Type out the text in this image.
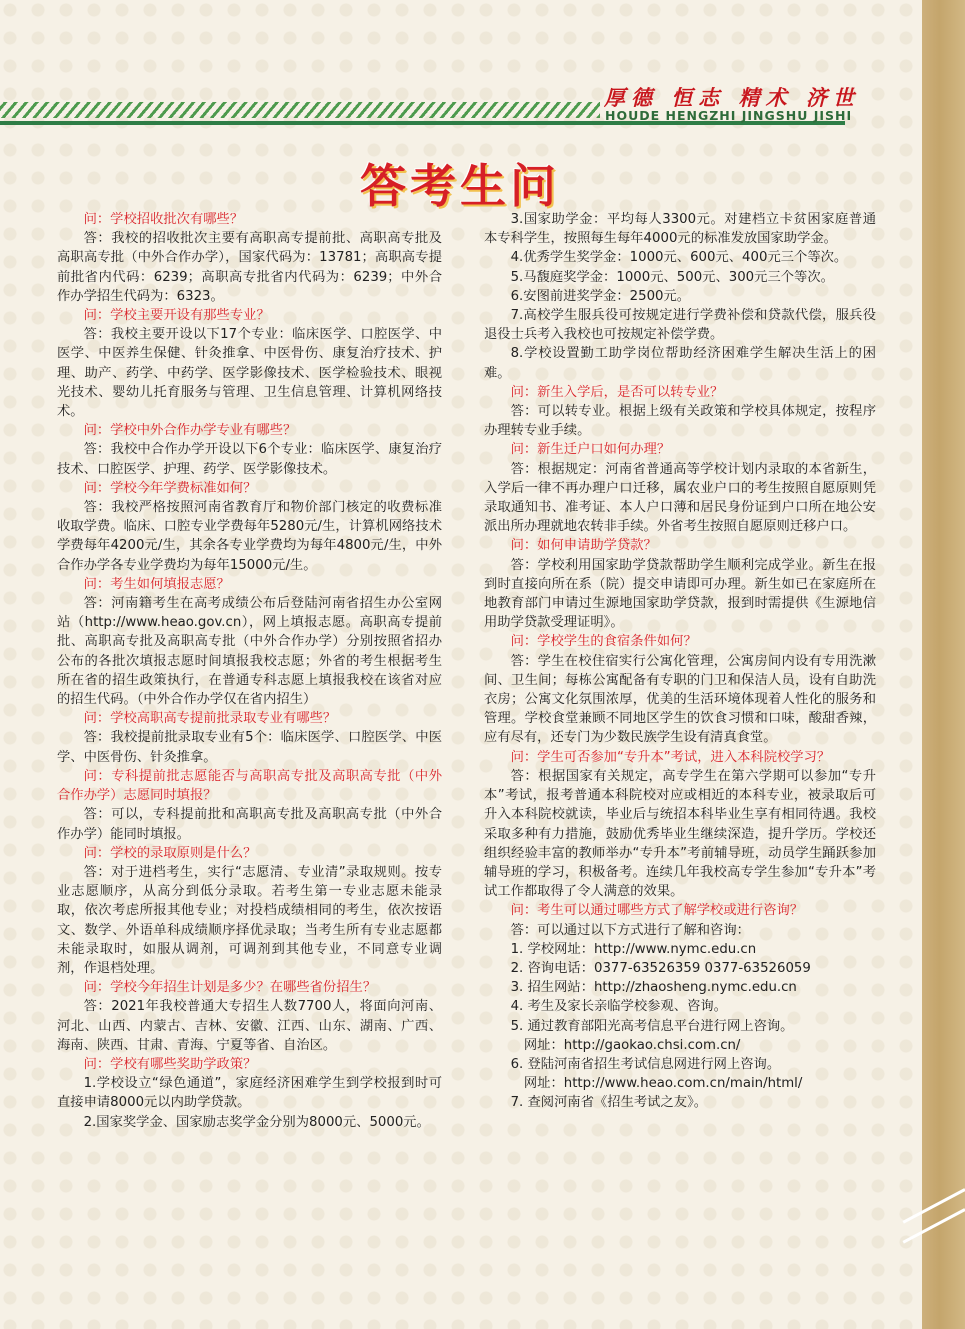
厚德 恒志 精术 济世
HOUDE HENGZHI JINGSHU JISHI
答考生问

问：学校招收批次有哪些？

答：我校的招收批次主要有高职高专提前批、高职高专批及高职高专批（中外合作办学），国家代码为：13781；高职高专提前批省内代码：6239；高职高专批省内代码为：6239；中外合作办学招生代码为：6323。

问：学校主要开设有那些专业？

答：我校主要开设以下17个专业：临床医学、口腔医学、中医学、中医养生保健、针灸推拿、中医骨伤、康复治疗技术、护理、助产、药学、中药学、医学影像技术、医学检验技术、眼视光技术、婴幼儿托育服务与管理、卫生信息管理、计算机网络技术。

问：学校中外合作办学专业有哪些？

答：我校中合作办学开设以下6个专业：临床医学、康复治疗技术、口腔医学、护理、药学、医学影像技术。

问：学校今年学费标准如何？

答：我校严格按照河南省教育厅和物价部门核定的收费标准收取学费。临床、口腔专业学费每年5280元/生，计算机网络技术学费每年4200元/生，其余各专业学费均为每年4800元/生，中外合作办学各专业学费均为每年15000元/生。

问：考生如何填报志愿？

答：河南籍考生在高考成绩公布后登陆河南省招生办公室网站（http://www.heao.gov.cn），网上填报志愿。高职高专提前批、高职高专批及高职高专批（中外合作办学）分别按照省招办公布的各批次填报志愿时间填报我校志愿；外省的考生根据考生所在省的招生政策执行，在普通专科志愿上填报我校在该省对应的招生代码。（中外合作办学仅在省内招生）

问：学校高职高专提前批录取专业有哪些？

答：我校提前批录取专业有5个：临床医学、口腔医学、中医学、中医骨伤、针灸推拿。

问：专科提前批志愿能否与高职高专批及高职高专批（中外合作办学）志愿同时填报？

答：可以，专科提前批和高职高专批及高职高专批（中外合作办学）能同时填报。

问：学校的录取原则是什么？

答：对于进档考生，实行“志愿清、专业清”录取规则。按专业志愿顺序，从高分到低分录取。若考生第一专业志愿未能录取，依次考虑所报其他专业；对投档成绩相同的考生，依次按语文、数学、外语单科成绩顺序择优录取；当考生所有专业志愿都未能录取时，如服从调剂，可调剂到其他专业，不同意专业调剂，作退档处理。

问：学校今年招生计划是多少？在哪些省份招生？

答：2021年我校普通大专招生人数7700人，将面向河南、河北、山西、内蒙古、吉林、安徽、江西、山东、湖南、广西、海南、陕西、甘肃、青海、宁夏等省、自治区。

问：学校有哪些奖助学政策？

1.学校设立“绿色通道”，家庭经济困难学生到学校报到时可直接申请8000元以内助学贷款。

2.国家奖学金、国家励志奖学金分别为8000元、5000元。

3.国家助学金：平均每人3300元。对建档立卡贫困家庭普通本专科学生，按照每生每年4000元的标准发放国家助学金。

4.优秀学生奖学金：1000元、600元、400元三个等次。

5.马馥庭奖学金：1000元、500元、300元三个等次。

6.安图前进奖学金：2500元。

7.高校学生服兵役可按规定进行学费补偿和贷款代偿，服兵役退役士兵考入我校也可按规定补偿学费。

8.学校设置勤工助学岗位帮助经济困难学生解决生活上的困难。

问：新生入学后，是否可以转专业？

答：可以转专业。根据上级有关政策和学校具体规定，按程序办理转专业手续。

问：新生迁户口如何办理？

答：根据规定：河南省普通高等学校计划内录取的本省新生，入学后一律不再办理户口迁移，属农业户口的考生按照自愿原则凭录取通知书、准考证、本人户口薄和居民身份证到户口所在地公安派出所办理就地农转非手续。外省考生按照自愿原则迁移户口。

问：如何申请助学贷款？

答：学校利用国家助学贷款帮助学生顺利完成学业。新生在报到时直接向所在系（院）提交申请即可办理。新生如已在家庭所在地教育部门申请过生源地国家助学贷款，报到时需提供《生源地信用助学贷款受理证明》。

问：学校学生的食宿条件如何？

答：学生在校住宿实行公寓化管理，公寓房间内设有专用洗漱间、卫生间；每栋公寓配备有专职的门卫和保洁人员，设有自助洗衣房；公寓文化氛围浓厚，优美的生活环境体现着人性化的服务和管理。学校食堂兼顾不同地区学生的饮食习惯和口味，酸甜香辣，应有尽有，还专门为少数民族学生设有清真食堂。

问：学生可否参加“专升本”考试，进入本科院校学习？

答：根据国家有关规定，高专学生在第六学期可以参加“专升本”考试，报考普通本科院校对应或相近的本科专业，被录取后可升入本科院校就读，毕业后与统招本科毕业生享有相同待遇。我校采取多种有力措施，鼓励优秀毕业生继续深造，提升学历。学校还组织经验丰富的教师举办“专升本”考前辅导班，动员学生踊跃参加辅导班的学习，积极备考。连续几年我校高专学生参加“专升本”考试工作都取得了令人满意的效果。

问：考生可以通过哪些方式了解学校或进行咨询？

答：可以通过以下方式进行了解和咨询：

1. 学校网址：http://www.nymc.edu.cn

2. 咨询电话：0377-63526359 0377-63526059

3. 招生网站：http://zhaosheng.nymc.edu.cn

4. 考生及家长亲临学校参观、咨询。

5. 通过教育部阳光高考信息平台进行网上咨询。

网址：http://gaokao.chsi.com.cn/

6. 登陆河南省招生考试信息网进行网上咨询。

网址：http://www.heao.com.cn/main/html/

7. 查阅河南省《招生考试之友》。
